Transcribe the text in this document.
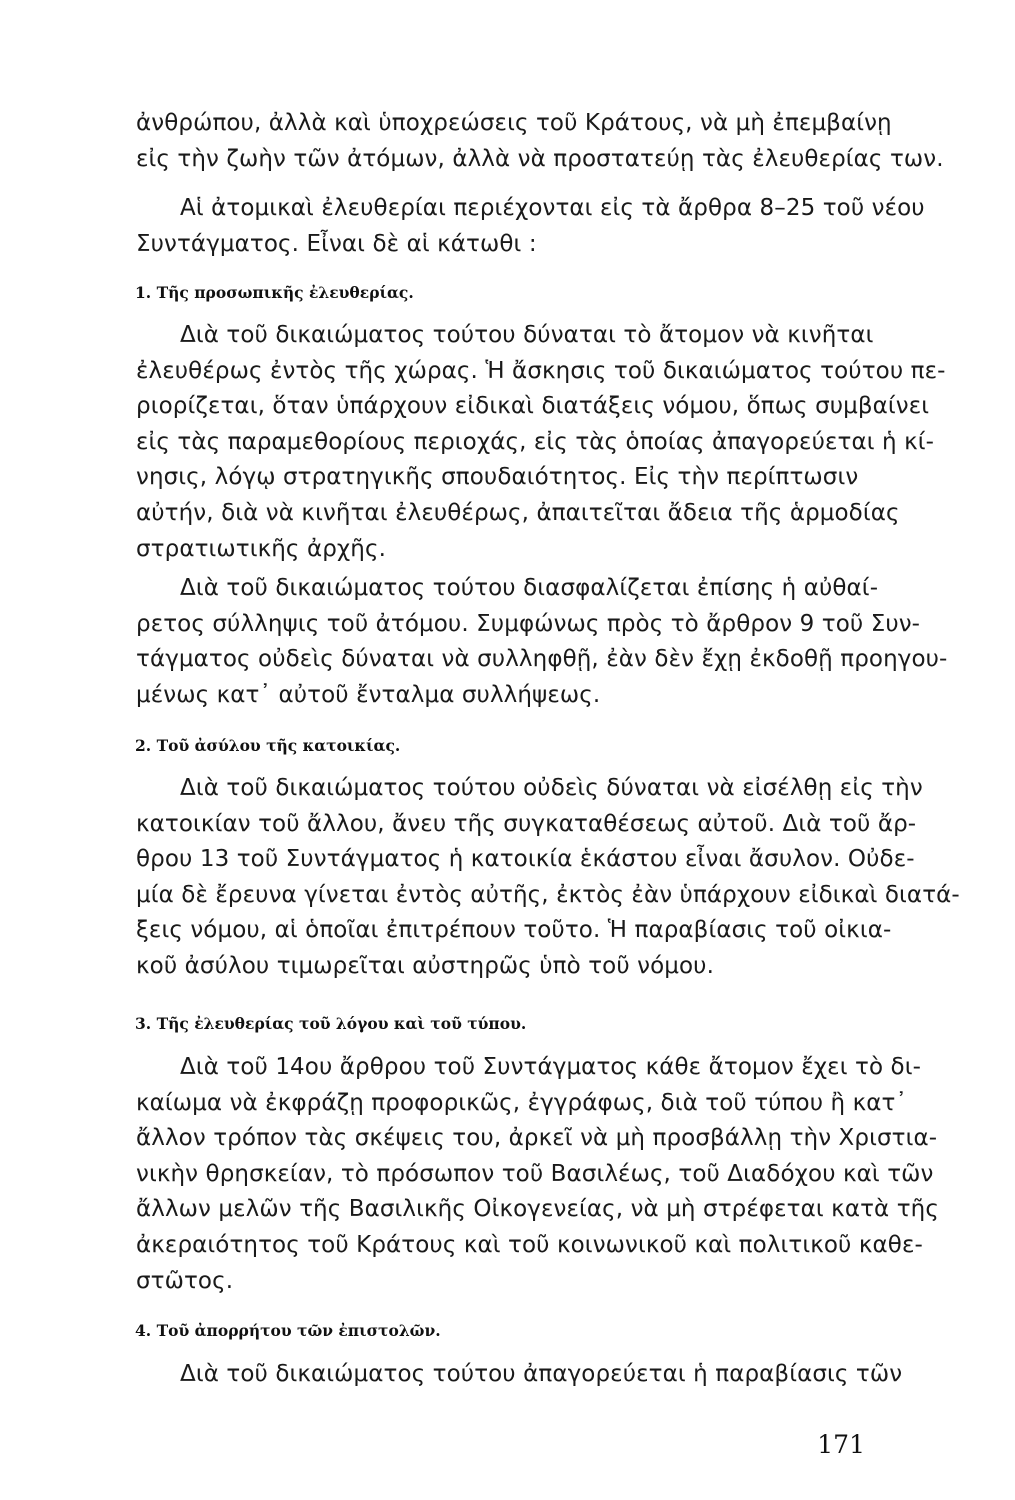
ἀνθρώπου, ἀλλὰ καὶ ὑποχρεώσεις τοῦ Κράτους, νὰ μὴ ἐπεμβαίνῃ
εἰς τὴν ζωὴν τῶν ἀτόμων, ἀλλὰ νὰ προστατεύῃ τὰς ἐλευθερίας των.
Αἱ ἀτομικαὶ ἐλευθερίαι περιέχονται εἰς τὰ ἄρθρα 8–25 τοῦ νέου
Συντάγματος. Εἶναι δὲ αἱ κάτωθι :
1. Τῆς προσωπικῆς ἐλευθερίας.
Διὰ τοῦ δικαιώματος τούτου δύναται τὸ ἄτομον νὰ κινῆται
ἐλευθέρως ἐντὸς τῆς χώρας. Ἡ ἄσκησις τοῦ δικαιώματος τούτου πε-
ριορίζεται, ὅταν ὑπάρχουν εἰδικαὶ διατάξεις νόμου, ὅπως συμβαίνει
εἰς τὰς παραμεθορίους περιοχάς, εἰς τὰς ὁποίας ἀπαγορεύεται ἡ κί-
νησις, λόγῳ στρατηγικῆς σπουδαιότητος. Εἰς τὴν περίπτωσιν
αὐτήν, διὰ νὰ κινῆται ἐλευθέρως, ἀπαιτεῖται ἄδεια τῆς ἁρμοδίας
στρατιωτικῆς ἀρχῆς.
Διὰ τοῦ δικαιώματος τούτου διασφαλίζεται ἐπίσης ἡ αὐθαί-
ρετος σύλληψις τοῦ ἀτόμου. Συμφώνως πρὸς τὸ ἄρθρον 9 τοῦ Συν-
τάγματος οὐδεὶς δύναται νὰ συλληφθῇ, ἐὰν δὲν ἔχῃ ἐκδοθῇ προηγου-
μένως κατ᾽ αὐτοῦ ἔνταλμα συλλήψεως.
2. Τοῦ ἀσύλου τῆς κατοικίας.
Διὰ τοῦ δικαιώματος τούτου οὐδεὶς δύναται νὰ εἰσέλθῃ εἰς τὴν
κατοικίαν τοῦ ἄλλου, ἄνευ τῆς συγκαταθέσεως αὐτοῦ. Διὰ τοῦ ἄρ-
θρου 13 τοῦ Συντάγματος ἡ κατοικία ἑκάστου εἶναι ἄσυλον. Οὐδε-
μία δὲ ἔρευνα γίνεται ἐντὸς αὐτῆς, ἐκτὸς ἐὰν ὑπάρχουν εἰδικαὶ διατά-
ξεις νόμου, αἱ ὁποῖαι ἐπιτρέπουν τοῦτο. Ἡ παραβίασις τοῦ οἰκια-
κοῦ ἀσύλου τιμωρεῖται αὐστηρῶς ὑπὸ τοῦ νόμου.
3. Τῆς ἐλευθερίας τοῦ λόγου καὶ τοῦ τύπου.
Διὰ τοῦ 14ου ἄρθρου τοῦ Συντάγματος κάθε ἄτομον ἔχει τὸ δι-
καίωμα νὰ ἐκφράζῃ προφορικῶς, ἐγγράφως, διὰ τοῦ τύπου ἢ κατ᾽
ἄλλον τρόπον τὰς σκέψεις του, ἀρκεῖ νὰ μὴ προσβάλλῃ τὴν Χριστια-
νικὴν θρησκείαν, τὸ πρόσωπον τοῦ Βασιλέως, τοῦ Διαδόχου καὶ τῶν
ἄλλων μελῶν τῆς Βασιλικῆς Οἰκογενείας, νὰ μὴ στρέφεται κατὰ τῆς
ἀκεραιότητος τοῦ Κράτους καὶ τοῦ κοινωνικοῦ καὶ πολιτικοῦ καθε-
στῶτος.
4. Τοῦ ἀπορρήτου τῶν ἐπιστολῶν.
Διὰ τοῦ δικαιώματος τούτου ἀπαγορεύεται ἡ παραβίασις τῶν
171
